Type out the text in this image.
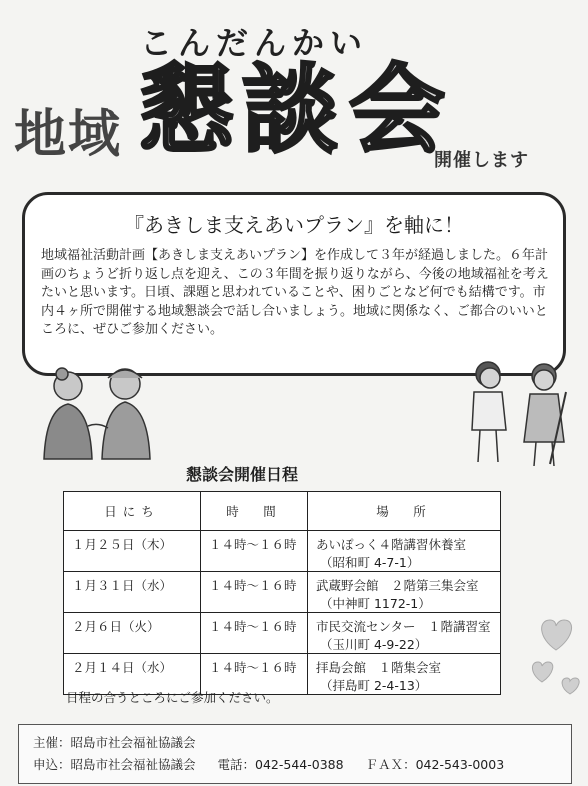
こんだんかい
地域 懇 談 会
開催します
『あきしま支えあいプラン』を軸に！
地域福祉活動計画【あきしま支えあいプラン】を作成して３年が経過しました。６年計画のちょうど折り返し点を迎え、この３年間を振り返りながら、今後の地域福祉を考えたいと思います。日頃、課題と思われていることや、困りごとなど何でも結構です。市内４ヶ所で開催する地域懇談会で話し合いましょう。地域に関係なく、ご都合のいいところに、ぜひご参加ください。
懇談会開催日程
日にち	時　間	場　所
１月２５日（木）	１４時～１６時	あいぽっく４階講習休養室
（昭和町 4-7-1）

１月３１日（水）	１４時～１６時	武蔵野会館　２階第三集会室
（中神町 1172-1）

２月６日（火）	１４時～１６時	市民交流センター　１階講習室
（玉川町 4-9-22）

２月１４日（水）	１４時～１６時	拝島会館　１階集会室
（拝島町 2-4-13）
日程の合うところにご参加ください。
主催：昭島市社会福祉協議会
申込：昭島市社会福祉協議会 電話：042-544-0388 ＦＡＸ：042-543-0003
